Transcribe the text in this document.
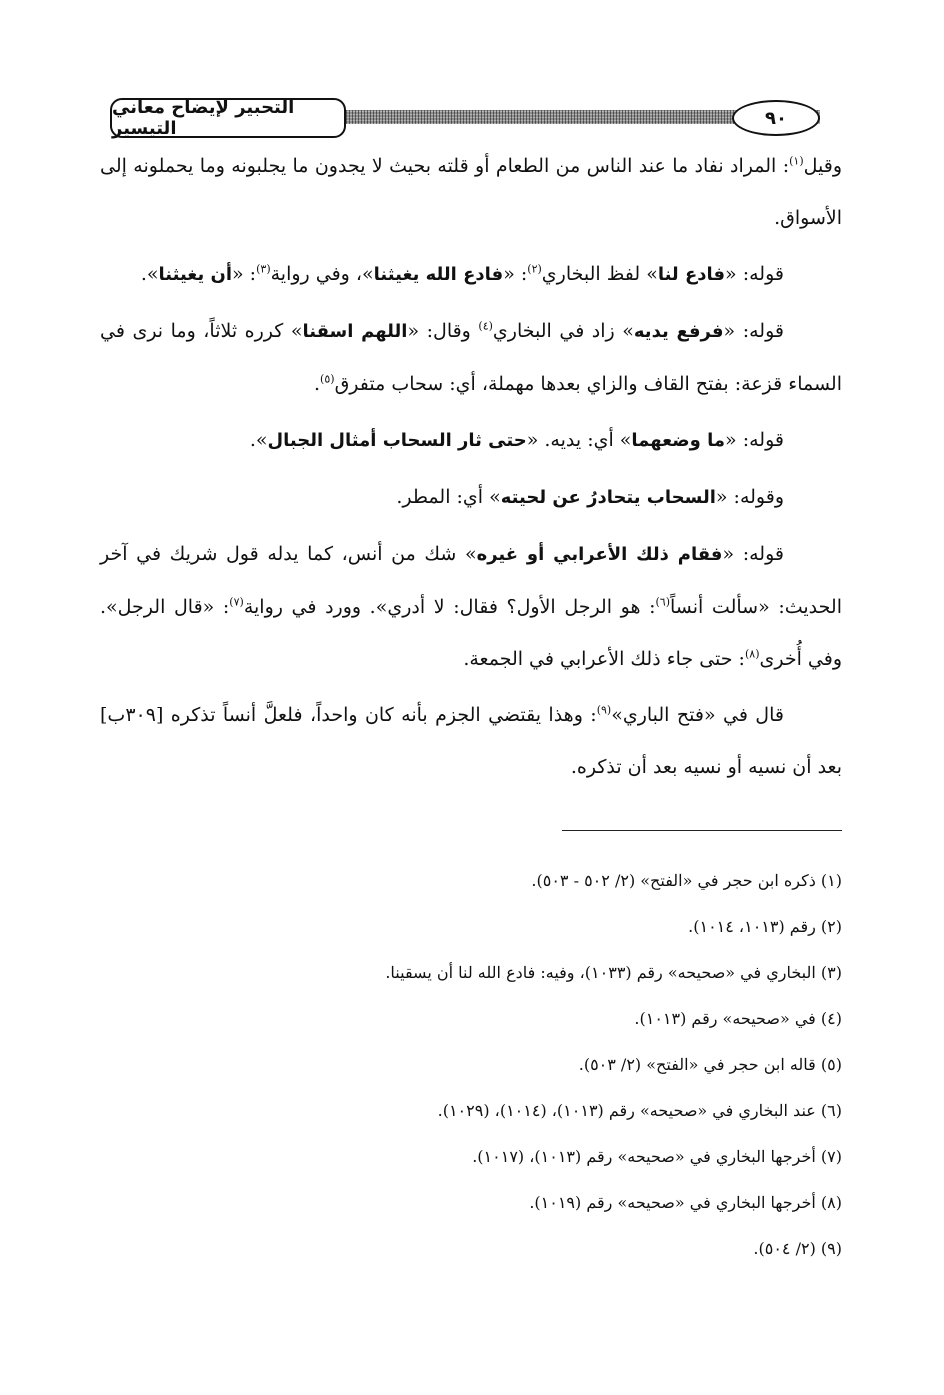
التحبير لإيضاح معاني التيسير	٩٠

وقيل$^{(١)}$: المراد نفاد ما عند الناس من الطعام أو قلته بحيث لا يجدون ما يجلبونه وما يحملونه إلى الأسواق.

قوله: «فادع لنا» لفظ البخاري$^{(٢)}$: «فادع الله يغيثنا»، وفي رواية$^{(٣)}$: «أن يغيثنا».

قوله: «فرفع يديه» زاد في البخاري$^{(٤)}$ وقال: «اللهم اسقنا» كرره ثلاثاً، وما نرى في السماء قزعة: بفتح القاف والزاي بعدها مهملة، أي: سحاب متفرق$^{(٥)}$.

قوله: «ما وضعهما» أي: يديه. «حتى ثار السحاب أمثال الجبال».

وقوله: «السحاب يتحادرُ عن لحيته» أي: المطر.

قوله: «فقام ذلك الأعرابي أو غيره» شك من أنس، كما يدله قول شريك في آخر الحديث: «سألت أنساً$^{(٦)}$: هو الرجل الأول؟ فقال: لا أدري». وورد في رواية$^{(٧)}$: «قال الرجل». وفي أُخرى$^{(٨)}$: حتى جاء ذلك الأعرابي في الجمعة.

قال في «فتح الباري»$^{(٩)}$: وهذا يقتضي الجزم بأنه كان واحداً، فلعلَّ أنساً تذكره [٣٠٩ب] بعد أن نسيه أو نسيه بعد أن تذكره.

(١) ذكره ابن حجر في «الفتح» (٢/ ٥٠٢ - ٥٠٣).
(٢) رقم (١٠١٣، ١٠١٤).
(٣) البخاري في «صحيحه» رقم (١٠٣٣)، وفيه: فادع الله لنا أن يسقينا.
(٤) في «صحيحه» رقم (١٠١٣).
(٥) قاله ابن حجر في «الفتح» (٢/ ٥٠٣).
(٦) عند البخاري في «صحيحه» رقم (١٠١٣)، (١٠١٤)، (١٠٢٩).
(٧) أخرجها البخاري في «صحيحه» رقم (١٠١٣)، (١٠١٧).
(٨) أخرجها البخاري في «صحيحه» رقم (١٠١٩).
(٩) (٢/ ٥٠٤).
